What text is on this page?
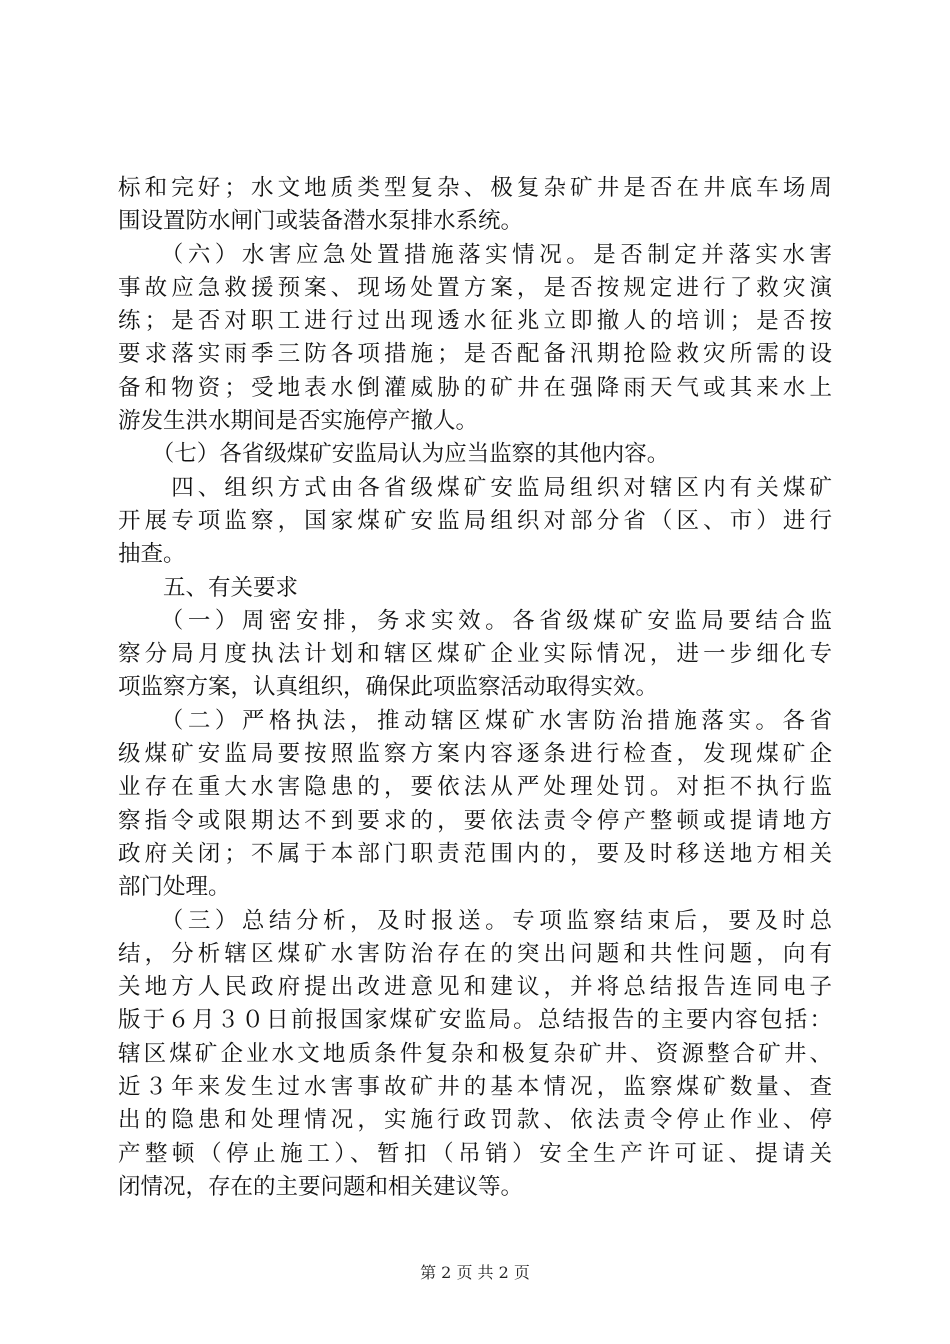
标和完好；水文地质类型复杂、极复杂矿井是否在井底车场周
围设置防水闸门或装备潜水泵排水系统。
　　（六）水害应急处置措施落实情况。是否制定并落实水害
事故应急救援预案、现场处置方案，是否按规定进行了救灾演
练；是否对职工进行过出现透水征兆立即撤人的培训；是否按
要求落实雨季三防各项措施；是否配备汛期抢险救灾所需的设
备和物资；受地表水倒灌威胁的矿井在强降雨天气或其来水上
游发生洪水期间是否实施停产撤人。
　　（七）各省级煤矿安监局认为应当监察的其他内容。
　　四、组织方式由各省级煤矿安监局组织对辖区内有关煤矿
开展专项监察，国家煤矿安监局组织对部分省（区、市）进行
抽查。
　　五、有关要求
　　（一）周密安排，务求实效。各省级煤矿安监局要结合监
察分局月度执法计划和辖区煤矿企业实际情况，进一步细化专
项监察方案，认真组织，确保此项监察活动取得实效。
　　（二）严格执法，推动辖区煤矿水害防治措施落实。各省
级煤矿安监局要按照监察方案内容逐条进行检查，发现煤矿企
业存在重大水害隐患的，要依法从严处理处罚。对拒不执行监
察指令或限期达不到要求的，要依法责令停产整顿或提请地方
政府关闭；不属于本部门职责范围内的，要及时移送地方相关
部门处理。
　　（三）总结分析，及时报送。专项监察结束后，要及时总
结，分析辖区煤矿水害防治存在的突出问题和共性问题，向有
关地方人民政府提出改进意见和建议，并将总结报告连同电子
版于６月３０日前报国家煤矿安监局。总结报告的主要内容包括：
辖区煤矿企业水文地质条件复杂和极复杂矿井、资源整合矿井、
近３年来发生过水害事故矿井的基本情况，监察煤矿数量、查
出的隐患和处理情况，实施行政罚款、依法责令停止作业、停
产整顿（停止施工）、暂扣（吊销）安全生产许可证、提请关
闭情况，存在的主要问题和相关建议等。
第 2 页 共 2 页
